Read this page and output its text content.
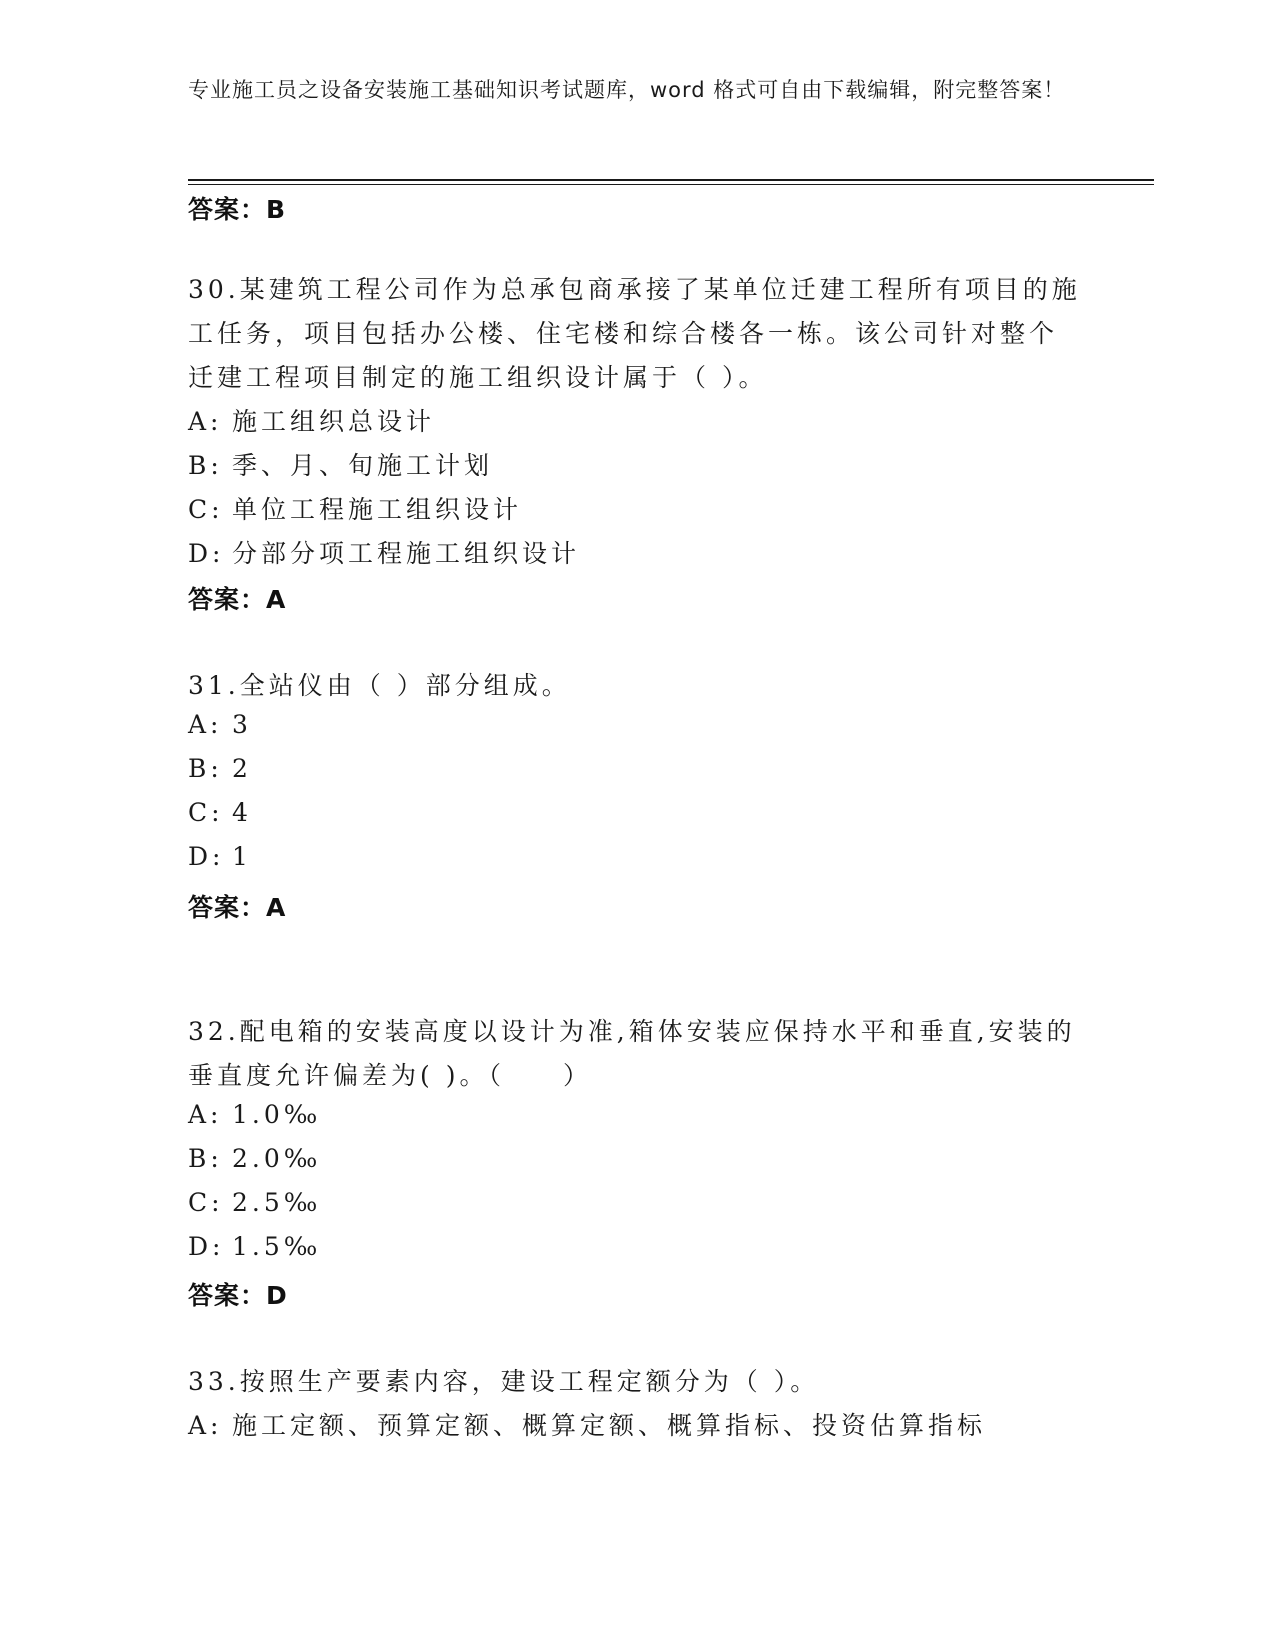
专业施工员之设备安装施工基础知识考试题库，word 格式可自由下载编辑，附完整答案！
答案：B
30.某建筑工程公司作为总承包商承接了某单位迁建工程所有项目的施
工任务，项目包括办公楼、住宅楼和综合楼各一栋。该公司针对整个
迁建工程项目制定的施工组织设计属于（ ）。
A: 施工组织总设计
B: 季、月、旬施工计划
C: 单位工程施工组织设计
D: 分部分项工程施工组织设计
答案：A
31.全站仪由（ ）部分组成。
A: 3
B: 2
C: 4
D: 1
答案：A
32.配电箱的安装高度以设计为准,箱体安装应保持水平和垂直,安装的
垂直度允许偏差为( )。（　　）
A: 1.0‰
B: 2.0‰
C: 2.5‰
D: 1.5‰
答案：D
33.按照生产要素内容，建设工程定额分为（ ）。
A: 施工定额、预算定额、概算定额、概算指标、投资估算指标
